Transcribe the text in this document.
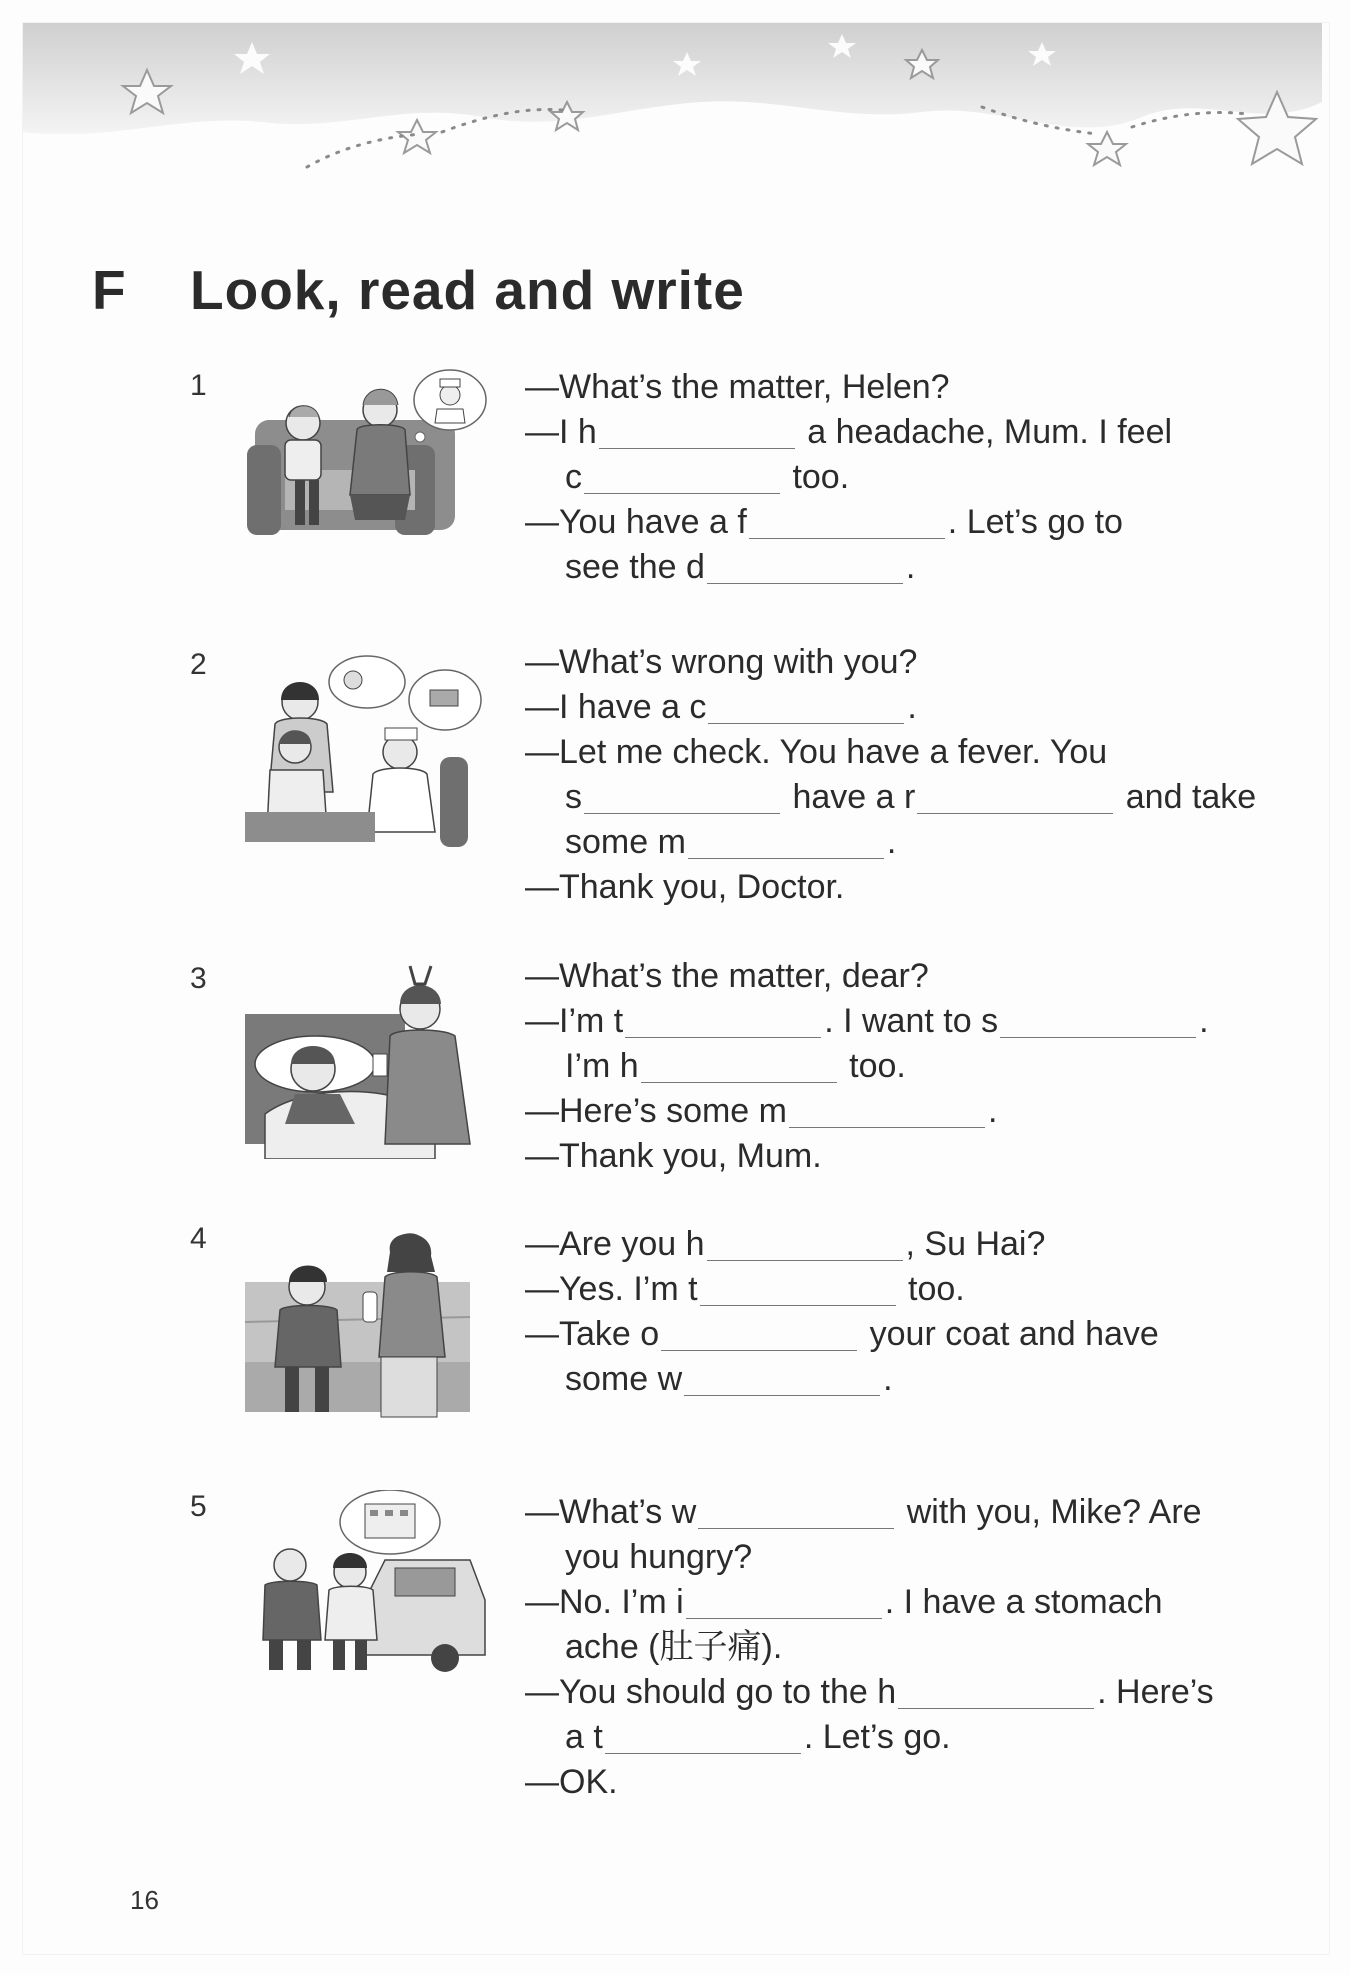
F Look, read and write
1	—What’s the matter, Helen?
—I h	a headache, Mum. I feel
c	too.
—You have a f	. Let’s go to
see the d	.
2	—What’s wrong with you?
—I have a c	.
—Let me check. You have a fever. You
s	have a r	and take
some m	.
—Thank you, Doctor.
3	—What’s the matter, dear?
—I’m t	. I want to s	.
I’m h	too.
—Here’s some m	.
—Thank you, Mum.
4	—Are you h	, Su Hai?
—Yes. I’m t	too.
—Take o	your coat and have
some w	.
5	—What’s w	with you, Mike? Are
you hungry?
—No. I’m i	. I have a stomach
ache (肚子痛).
—You should go to the h	. Here’s
a t	. Let’s go.
—OK.
16
